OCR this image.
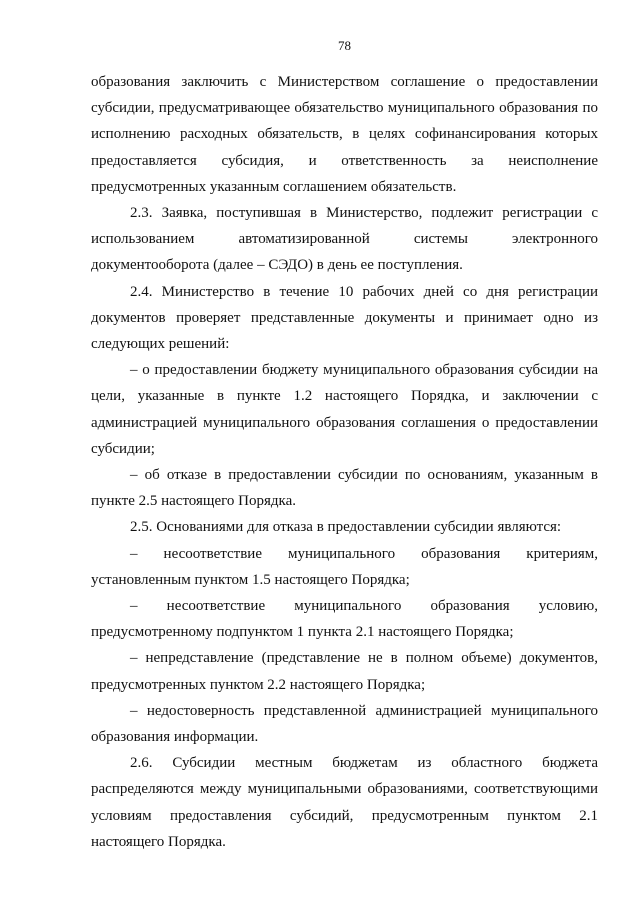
78

образования заключить с Министерством соглашение о предоставлении субсидии, предусматривающее обязательство муниципального образования по исполнению расходных обязательств, в целях софинансирования которых предоставляется субсидия, и ответственность за неисполнение предусмотренных указанным соглашением обязательств.

2.3. Заявка, поступившая в Министерство, подлежит регистрации с использованием автоматизированной системы электронного документооборота (далее – СЭДО) в день ее поступления.

2.4. Министерство в течение 10 рабочих дней со дня регистрации документов проверяет представленные документы и принимает одно из следующих решений:

– о предоставлении бюджету муниципального образования субсидии на цели, указанные в пункте 1.2 настоящего Порядка, и заключении с администрацией муниципального образования соглашения о предоставлении субсидии;

– об отказе в предоставлении субсидии по основаниям, указанным в пункте 2.5 настоящего Порядка.

2.5. Основаниями для отказа в предоставлении субсидии являются:

– несоответствие муниципального образования критериям, установленным пунктом 1.5 настоящего Порядка;

– несоответствие муниципального образования условию, предусмотренному подпунктом 1 пункта 2.1 настоящего Порядка;

– непредставление (представление не в полном объеме) документов, предусмотренных пунктом 2.2 настоящего Порядка;

– недостоверность представленной администрацией муниципального образования информации.

2.6. Субсидии местным бюджетам из областного бюджета распределяются между муниципальными образованиями, соответствующими условиям предоставления субсидий, предусмотренным пунктом 2.1 настоящего Порядка.
